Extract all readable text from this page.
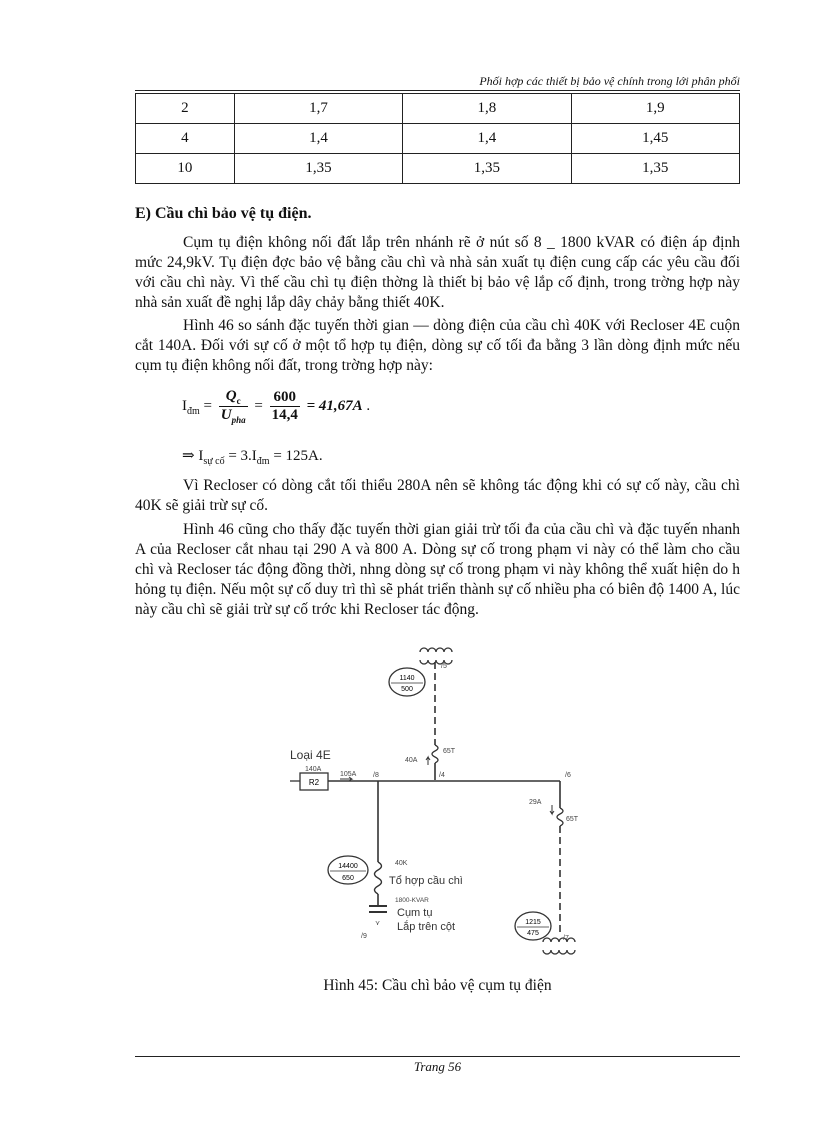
Phối hợp các thiết bị bảo vệ chính trong lới phân phối
2	1,7	1,8	1,9
4	1,4	1,4	1,45
10	1,35	1,35	1,35
E) Cầu chì bảo vệ tụ điện.
Cụm tụ điện không nối đất lắp trên nhánh rẽ ở nút số 8 _ 1800 kVAR có điện áp định mức 24,9kV. Tụ điện đợc bảo vệ bằng cầu chì và nhà sản xuất tụ điện cung cấp các yêu cầu đối với cầu chì này. Vì thế cầu chì tụ điện thờng là thiết bị bảo vệ lắp cố định, trong trờng hợp này nhà sản xuất đề nghị lắp dây chảy bằng thiết 40K.
Hình 46 so sánh đặc tuyến thời gian — dòng điện của cầu chì 40K với Recloser 4E cuộn cắt 140A. Đối với sự cố ở một tổ hợp tụ điện, dòng sự cố tối đa bằng 3 lần dòng định mức nếu cụm tụ điện không nối đất, trong trờng hợp này:
$I_{đm} = \frac{Q_c}{U_{pha}} = \frac{600}{14,4} = 41,67A$ .
⇒ $I_{sự cố} = 3.I_{đm} = 125A$.
Vì Recloser có dòng cắt tối thiểu 280A nên sẽ không tác động khi có sự cố này, cầu chì 40K sẽ giải trừ sự cố.
Hình 46 cũng cho thấy đặc tuyến thời gian giải trừ tối đa của cầu chì và đặc tuyến nhanh A của Recloser cắt nhau tại 290 A và 800 A. Dòng sự cố trong phạm vi này có thể làm cho cầu chì và Recloser tác động đồng thời, nhng dòng sự cố trong phạm vi này không thể xuất hiện do h hỏng tụ điện. Nếu một sự cố duy trì thì sẽ phát triển thành sự cố nhiều pha có biên độ 1400 A, lúc này cầu chì sẽ giải trừ sự cố trớc khi Recloser tác động.
/5
1140
500
65T
40A
/4
Loại 4E
140A
R2
105A /8	/6
29A
65T
1215
475
/7
40K
Tổ hợp cầu chì
14400
650
⋎
1800-KVAR
Cụm tụ
Lắp trên cột
/9
Hình 45: Cầu chì bảo vệ cụm tụ điện
Trang 56
